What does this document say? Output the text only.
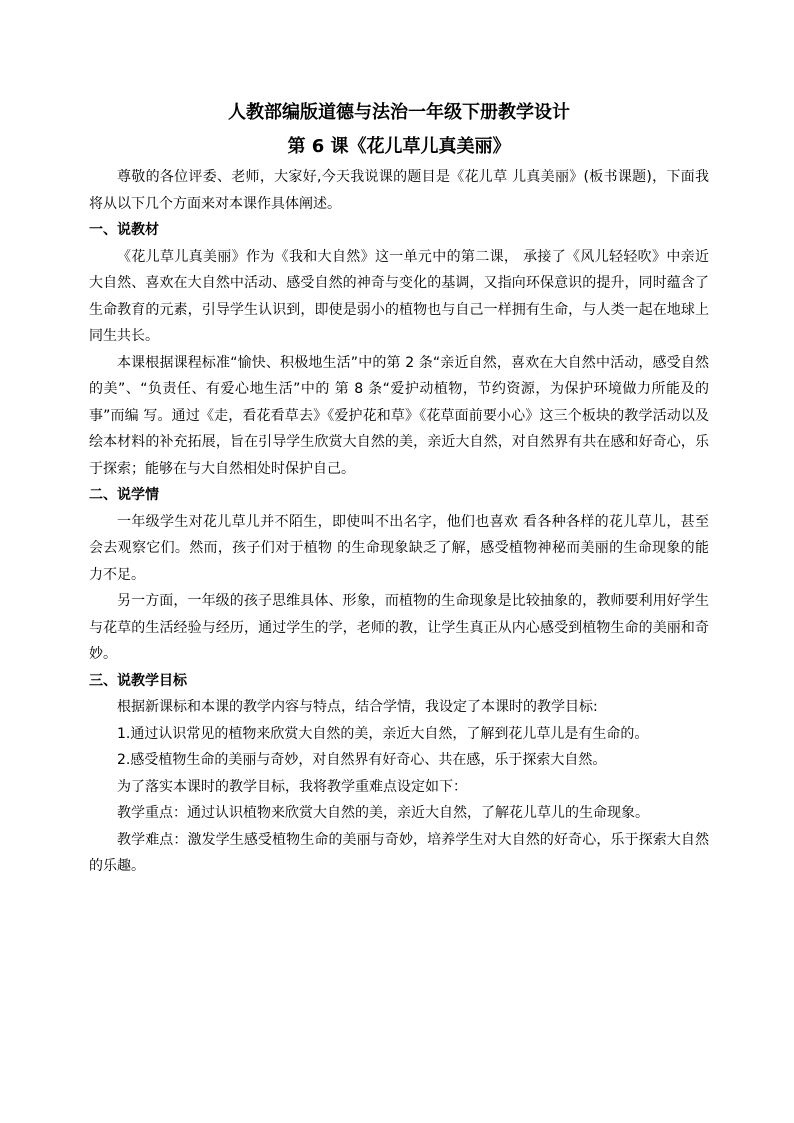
人教部编版道德与法治一年级下册教学设计
第 6 课《花儿草儿真美丽》

尊敬的各位评委、老师，大家好,今天我说课的题目是《花儿草 儿真美丽》(板书课题)，下面我将从以下几个方面来对本课作具体阐述。

一、说教材

《花儿草儿真美丽》作为《我和大自然》这一单元中的第二课， 承接了《风儿轻轻吹》中亲近大自然、喜欢在大自然中活动、感受自然的神奇与变化的基调，又指向环保意识的提升，同时蕴含了生命教育的元素，引导学生认识到，即使是弱小的植物也与自己一样拥有生命，与人类一起在地球上同生共长。

本课根据课程标准“愉快、积极地生活”中的第 2 条“亲近自然，喜欢在大自然中活动，感受自然的美”、“负责任、有爱心地生活”中的 第 8 条“爱护动植物，节约资源，为保护环境做力所能及的事”而编 写。通过《走，看花看草去》《爱护花和草》《花草面前要小心》这三个板块的教学活动以及绘本材料的补充拓展，旨在引导学生欣赏大自然的美，亲近大自然，对自然界有共在感和好奇心，乐于探索；能够在与大自然相处时保护自己。

二、说学情

一年级学生对花儿草儿并不陌生，即使叫不出名字，他们也喜欢 看各种各样的花儿草儿，甚至会去观察它们。然而，孩子们对于植物 的生命现象缺乏了解，感受植物神秘而美丽的生命现象的能力不足。

另一方面，一年级的孩子思维具体、形象，而植物的生命现象是比较抽象的，教师要利用好学生与花草的生活经验与经历，通过学生的学，老师的教，让学生真正从内心感受到植物生命的美丽和奇妙。

三、说教学目标

根据新课标和本课的教学内容与特点，结合学情，我设定了本课时的教学目标:

1.通过认识常见的植物来欣赏大自然的美，亲近大自然，了解到花儿草儿是有生命的。

2.感受植物生命的美丽与奇妙，对自然界有好奇心、共在感，乐于探索大自然。

为了落实本课时的教学目标，我将教学重难点设定如下：

教学重点：通过认识植物来欣赏大自然的美，亲近大自然，了解花儿草儿的生命现象。

教学难点：激发学生感受植物生命的美丽与奇妙，培养学生对大自然的好奇心，乐于探索大自然的乐趣。
